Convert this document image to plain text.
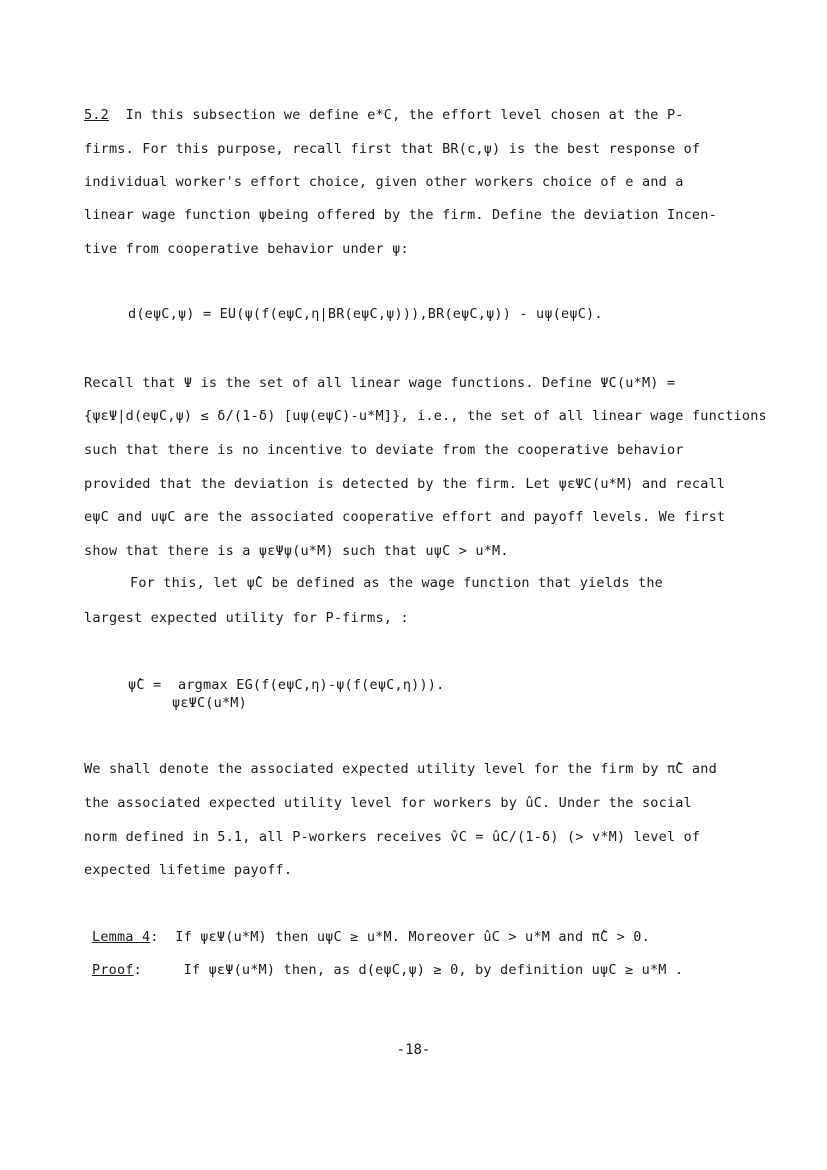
5.2 In this subsection we define e*C, the effort level chosen at the P-
firms. For this purpose, recall first that BR(c,ψ) is the best response of
individual worker's effort choice, given other workers choice of e and a
linear wage function ψbeing offered by the firm. Define the deviation Incen-
tive from cooperative behavior under ψ:
d(eψC,ψ) = EU(ψ(f(eψC,η|BR(eψC,ψ))),BR(eψC,ψ)) - uψ(eψC).
Recall that Ψ is the set of all linear wage functions. Define ΨC(u*M) =
{ψεΨ|d(eψC,ψ) ≤ δ/(1-δ) [uψ(eψC)-u*M]}, i.e., the set of all linear wage functions
such that there is no incentive to deviate from the cooperative behavior
provided that the deviation is detected by the firm. Let ψεΨC(u*M) and recall
eψC and uψC are the associated cooperative effort and payoff levels. We first
show that there is a ψεΨψ(u*M) such that uψC > u*M.
For this, let ψ̂C be defined as the wage function that yields the
largest expected utility for P-firms, :
ψ̂C =  argmax EG(f(eψC,η)-ψ(f(eψC,η))).
ψεΨC(u*M)
We shall denote the associated expected utility level for the firm by π̂C and
the associated expected utility level for workers by ûC. Under the social
norm defined in 5.1, all P-workers receives v̂C = ûC/(1-δ) (> v*M) level of
expected lifetime payoff.
Lemma 4:  If ψεΨ(u*M) then uψC ≥ u*M. Moreover ûC > u*M and π̂C > 0.
Proof:     If ψεΨ(u*M) then, as d(eψC,ψ) ≥ 0, by definition uψC ≥ u*M .
-18-
